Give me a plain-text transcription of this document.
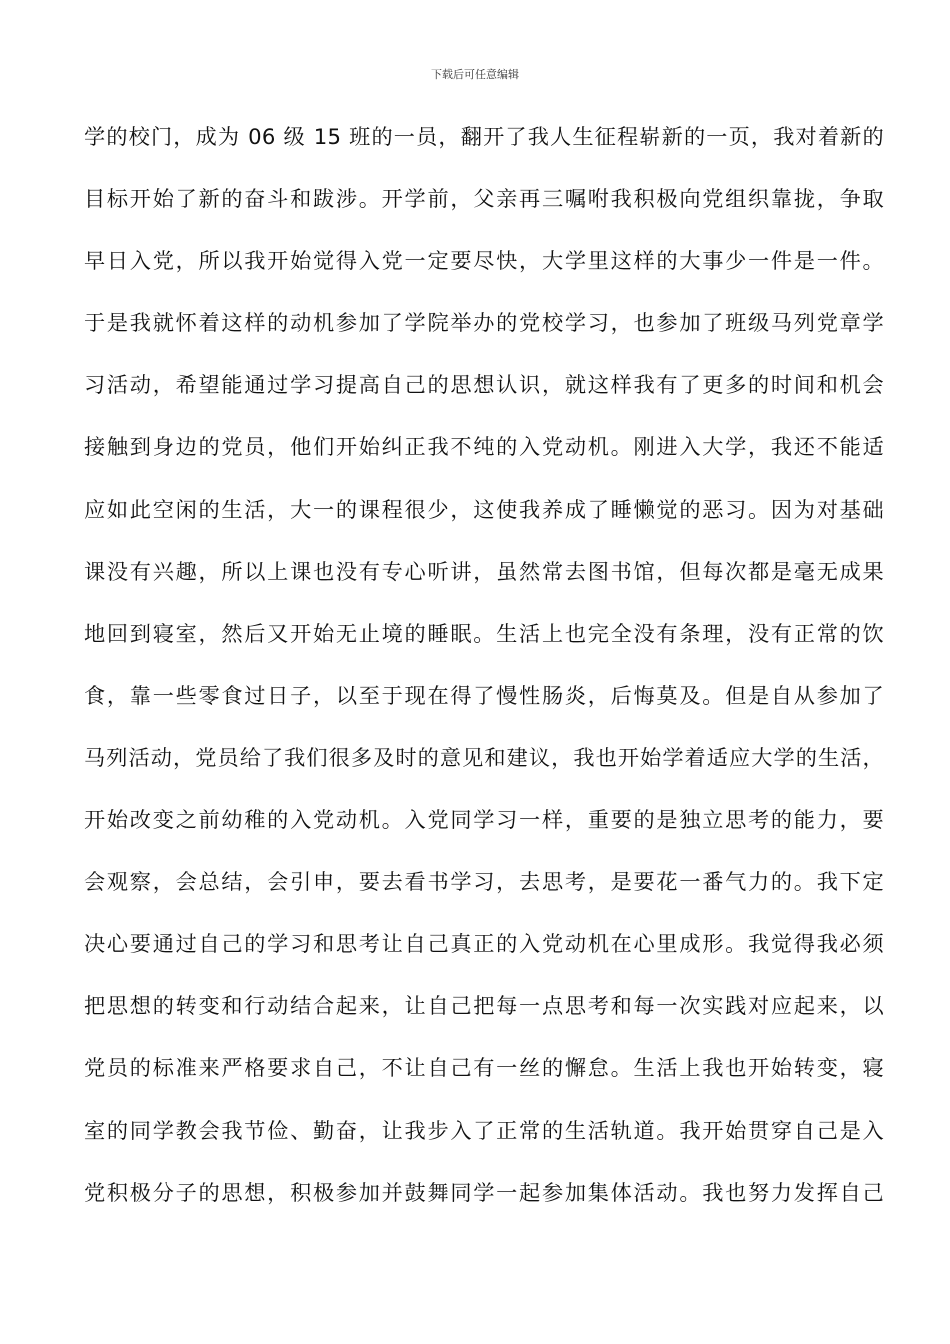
下载后可任意编辑
学的校门，成为 06 级 15 班的一员，翻开了我人生征程崭新的一页，我对着新的
目标开始了新的奋斗和跋涉。开学前，父亲再三嘱咐我积极向党组织靠拢，争取
早日入党，所以我开始觉得入党一定要尽快，大学里这样的大事少一件是一件。
于是我就怀着这样的动机参加了学院举办的党校学习，也参加了班级马列党章学
习活动，希望能通过学习提高自己的思想认识，就这样我有了更多的时间和机会
接触到身边的党员，他们开始纠正我不纯的入党动机。刚进入大学，我还不能适
应如此空闲的生活，大一的课程很少，这使我养成了睡懒觉的恶习。因为对基础
课没有兴趣，所以上课也没有专心听讲，虽然常去图书馆，但每次都是毫无成果
地回到寝室，然后又开始无止境的睡眠。生活上也完全没有条理，没有正常的饮
食，靠一些零食过日子，以至于现在得了慢性肠炎，后悔莫及。但是自从参加了
马列活动，党员给了我们很多及时的意见和建议，我也开始学着适应大学的生活，
开始改变之前幼稚的入党动机。入党同学习一样，重要的是独立思考的能力，要
会观察，会总结，会引申，要去看书学习，去思考，是要花一番气力的。我下定
决心要通过自己的学习和思考让自己真正的入党动机在心里成形。我觉得我必须
把思想的转变和行动结合起来，让自己把每一点思考和每一次实践对应起来，以
党员的标准来严格要求自己，不让自己有一丝的懈怠。生活上我也开始转变，寝
室的同学教会我节俭、勤奋，让我步入了正常的生活轨道。我开始贯穿自己是入
党积极分子的思想，积极参加并鼓舞同学一起参加集体活动。我也努力发挥自己
